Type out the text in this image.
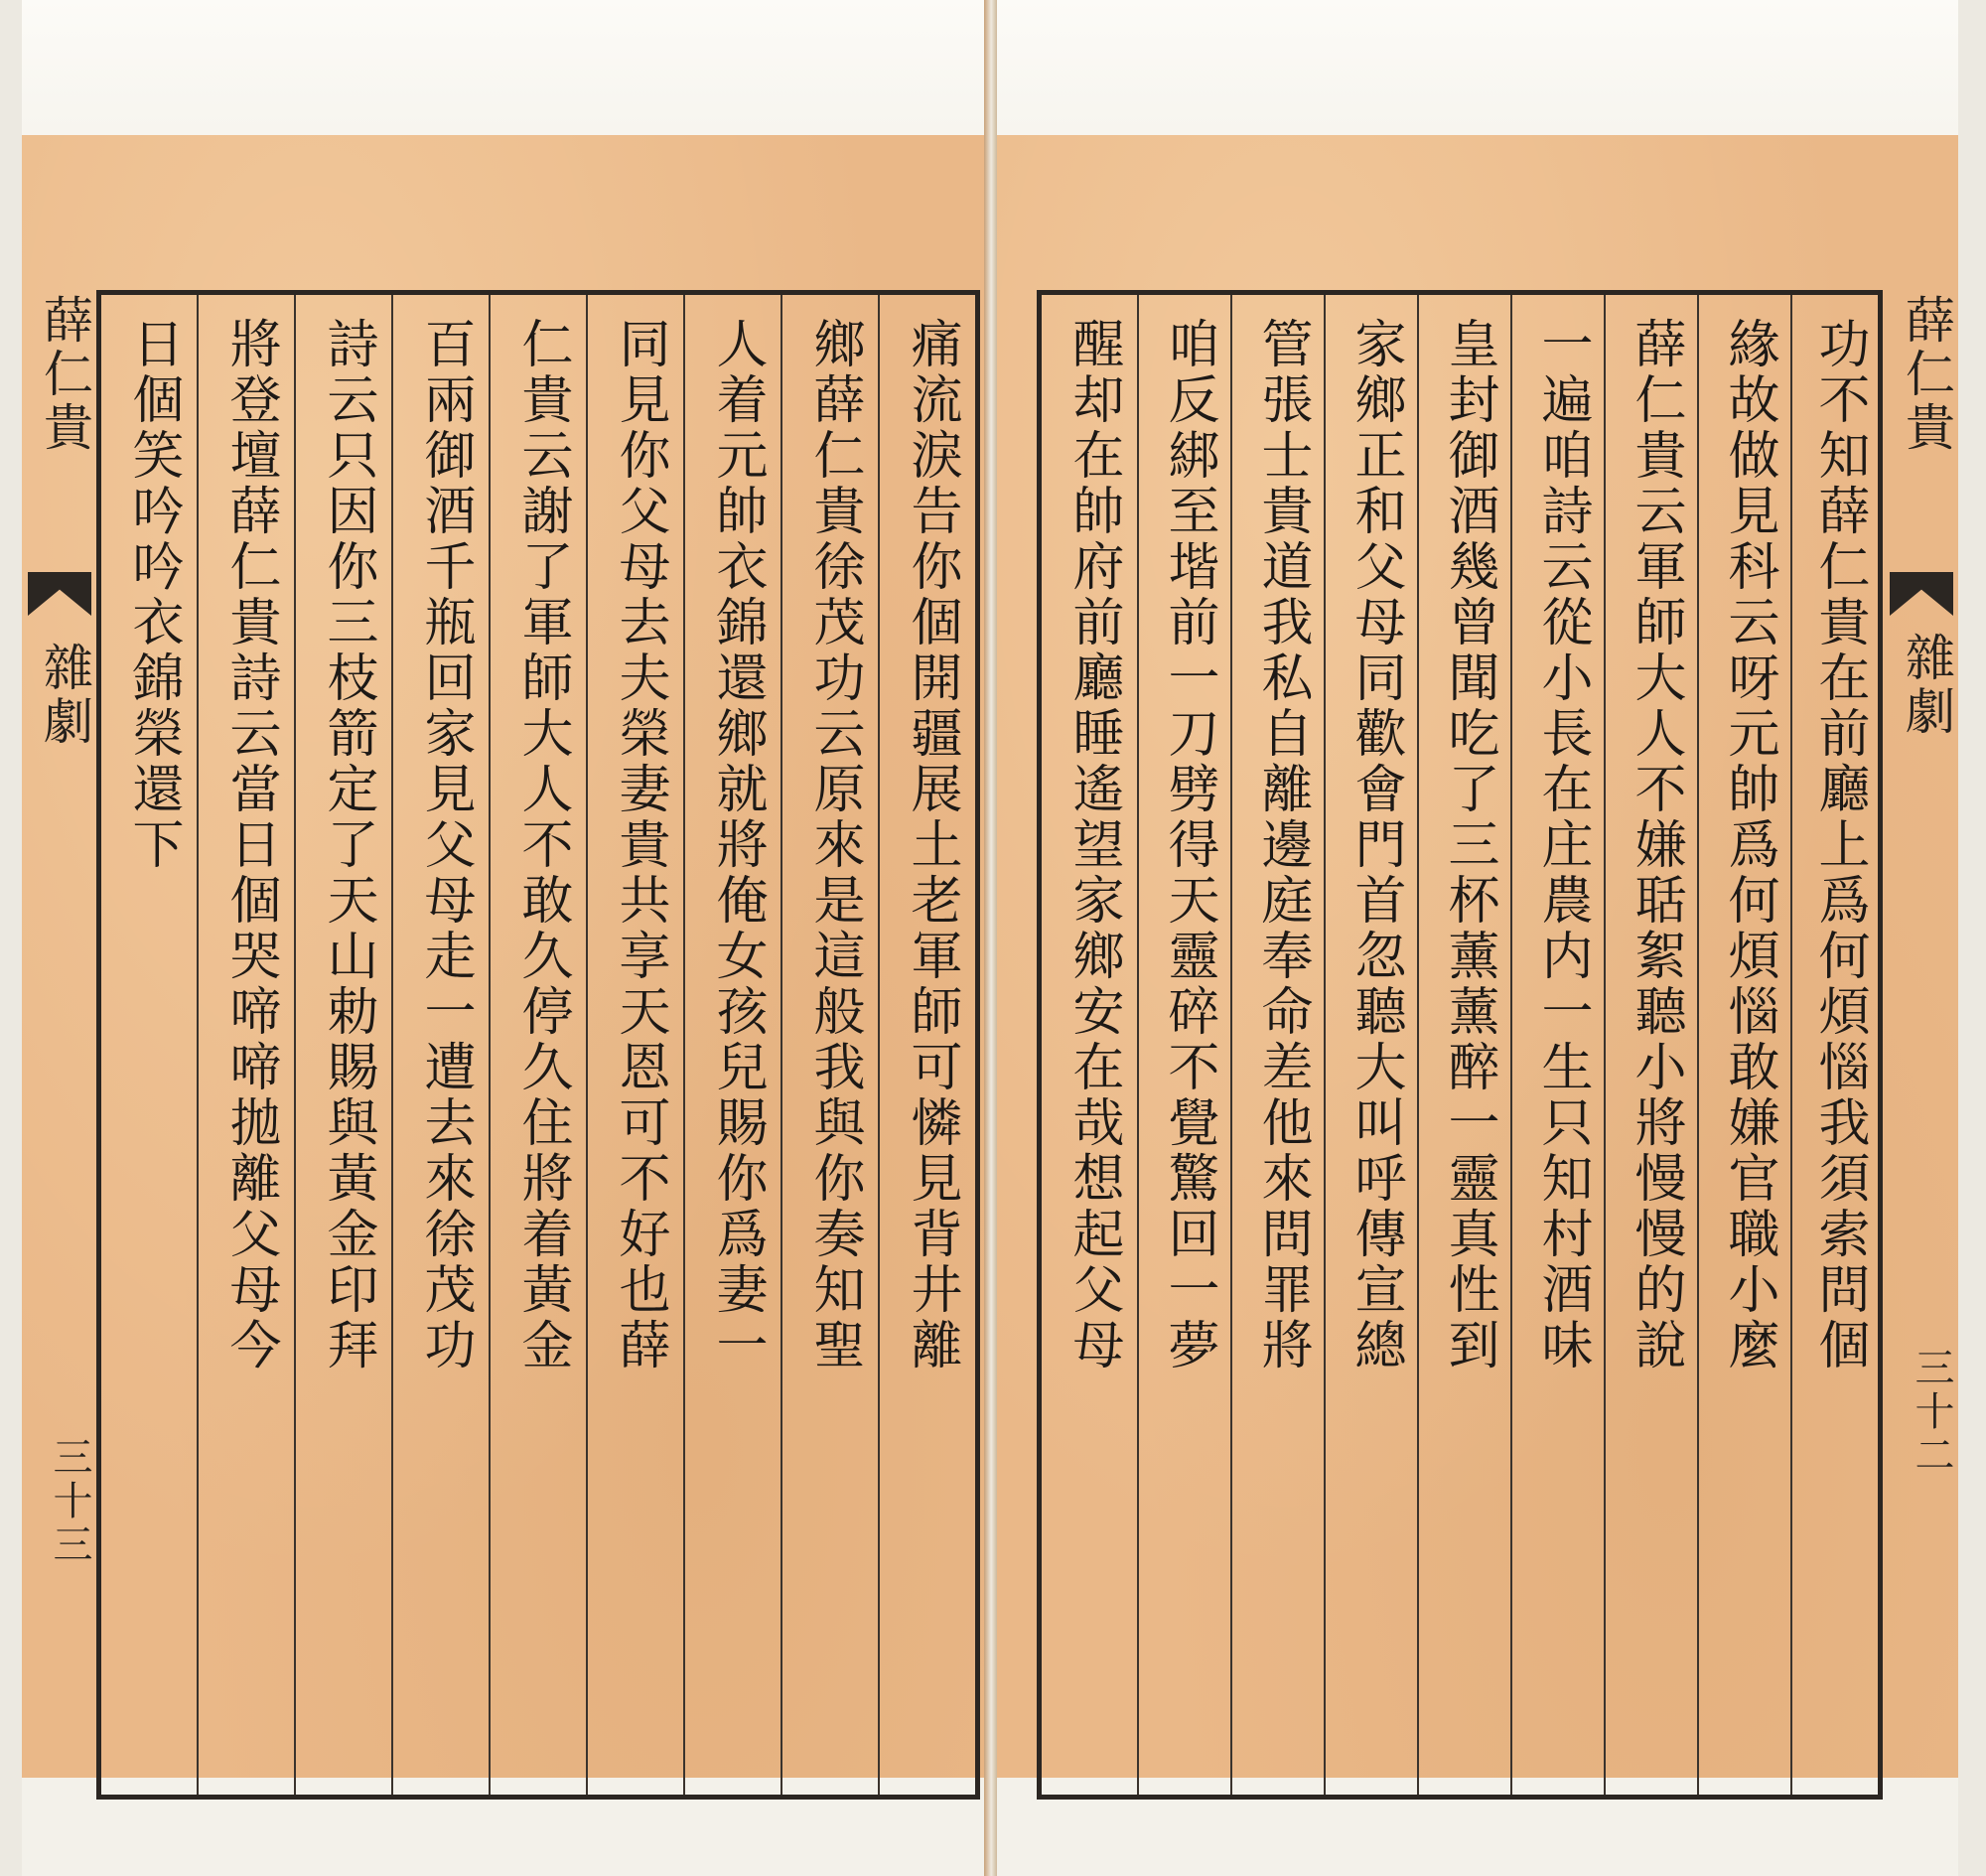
薛仁貴
雜劇
三十三
日個笑吟吟衣錦榮還下 將登壇薛仁貴詩云當日個哭啼啼拋離父母今 詩云只因你三枝箭定了天山勅賜與黃金印拜 百兩御酒千瓶回家見父母走一遭去來徐茂功 仁貴云謝了軍師大人不敢久停久住將着黃金 同見你父母去夫榮妻貴共享天恩可不好也薛 人着元帥衣錦還鄉就將俺女孩兒賜你爲妻一 鄉薛仁貴徐茂功云原來是這般我與你奏知聖 痛流淚告你個開疆展土老軍師可憐見背井離 醒却在帥府前廳睡遙望家鄉安在哉想起父母 咱反綁至堦前一刀劈得天靈碎不覺驚回一夢 管張士貴道我私自離邊庭奉命差他來問罪將 家鄉正和父母同歡會門首忽聽大叫呼傳宣總 皇封御酒幾曾聞吃了三杯薰薰醉一靈真性到 一遍咱詩云從小長在庄農内一生只知村酒味 薛仁貴云軍師大人不嫌聒絮聽小將慢慢的說 緣故做見科云呀元帥爲何煩惱敢嫌官職小麼 功不知薛仁貴在前廳上爲何煩惱我須索問個 薛仁貴
雜劇
三十二
